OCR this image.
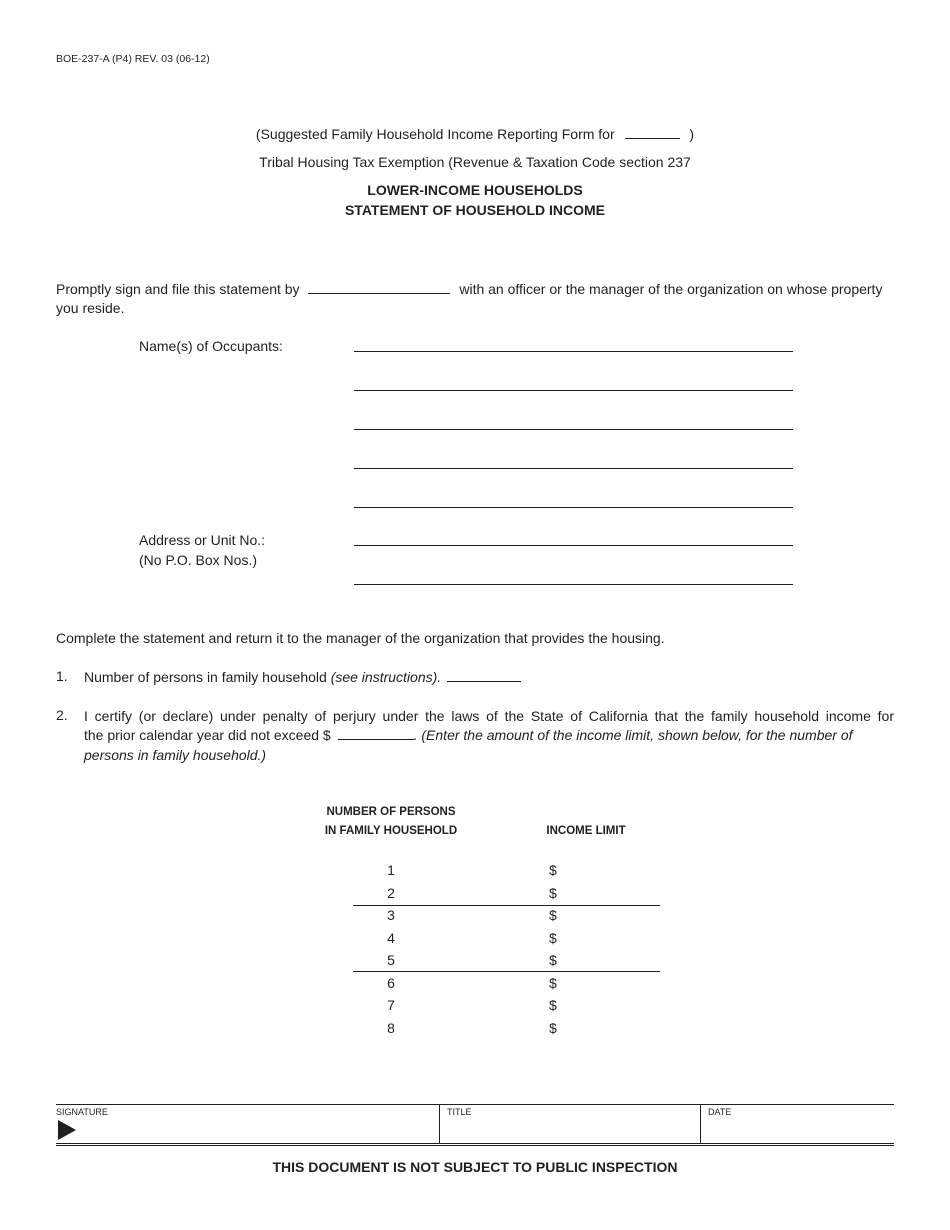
BOE-237-A (P4) REV. 03 (06-12)
(Suggested Family Household Income Reporting Form for	)
Tribal Housing Tax Exemption (Revenue & Taxation Code section 237
LOWER-INCOME HOUSEHOLDS
STATEMENT OF HOUSEHOLD INCOME
Promptly sign and file this statement by	with an officer or the manager of the organization on whose property
you reside.
Name(s) of Occupants:
Address or Unit No.:
(No P.O. Box Nos.)
Complete the statement and return it to the manager of the organization that provides the housing.
1. Number of persons in family household (see instructions).
2. I certify (or declare) under penalty of perjury under the laws of the State of California that the family household income for
the prior calendar year did not exceed $	. (Enter the amount of the income limit, shown below, for the number of
persons in family household.)
NUMBER OF PERSONS
IN FAMILY HOUSEHOLD	INCOME LIMIT
1	$
2	$
3	$
4	$
5	$
6	$
7	$
8	$
SIGNATURE	TITLE	DATE
THIS DOCUMENT IS NOT SUBJECT TO PUBLIC INSPECTION
